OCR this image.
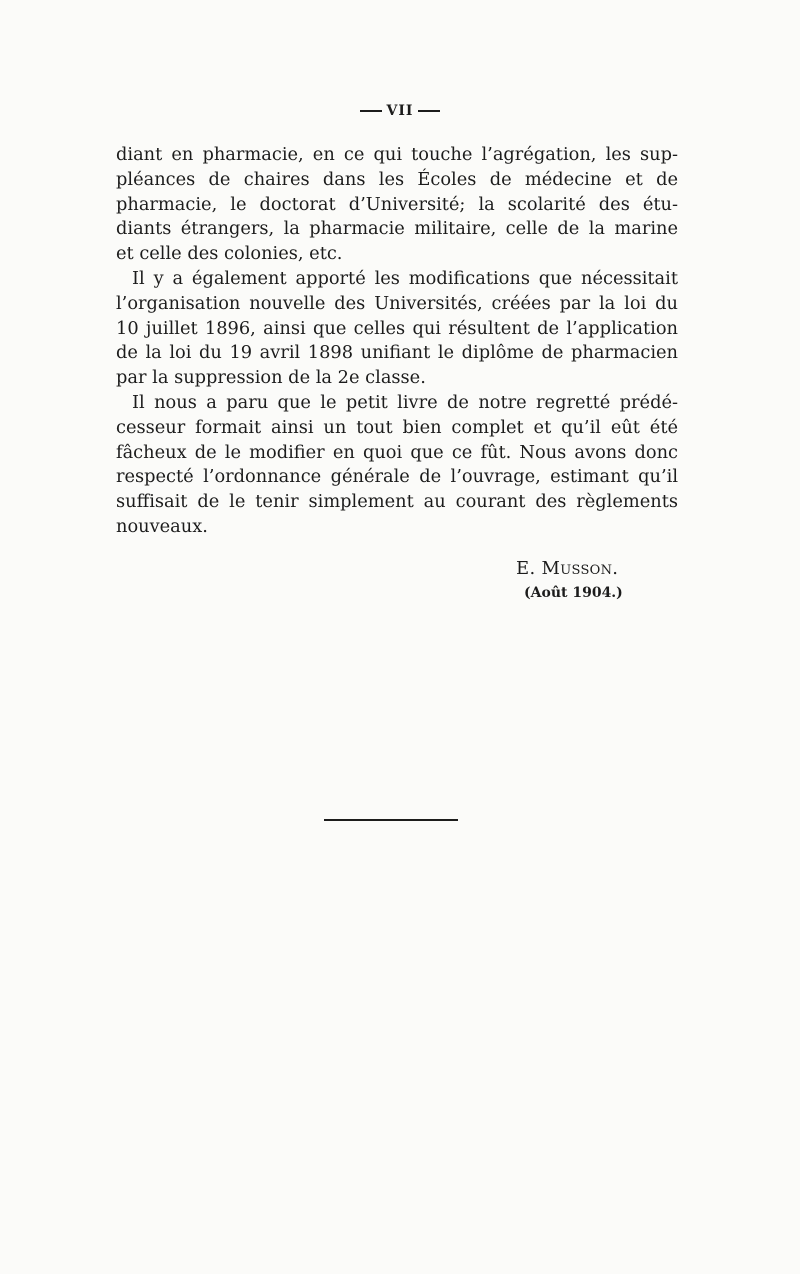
VII
diant en pharmacie, en ce qui touche l’agrégation, les sup-
pléances de chaires dans les Écoles de médecine et de
pharmacie, le doctorat d’Université; la scolarité des étu-
diants étrangers, la pharmacie militaire, celle de la marine
et celle des colonies, etc.
Il y a également apporté les modifications que nécessitait
l’organisation nouvelle des Universités, créées par la loi du
10 juillet 1896, ainsi que celles qui résultent de l’application
de la loi du 19 avril 1898 unifiant le diplôme de pharmacien
par la suppression de la 2e classe.
Il nous a paru que le petit livre de notre regretté prédé-
cesseur formait ainsi un tout bien complet et qu’il eût été
fâcheux de le modifier en quoi que ce fût. Nous avons donc
respecté l’ordonnance générale de l’ouvrage, estimant qu’il
suffisait de le tenir simplement au courant des règlements
nouveaux.
E. Musson.
(Août 1904.)
